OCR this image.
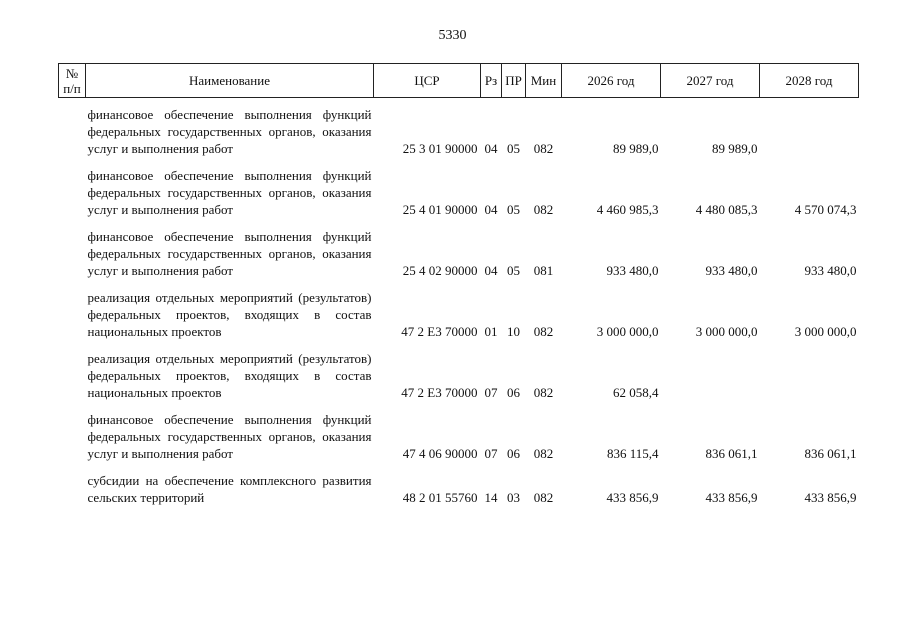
5330
№ п/п	Наименование	ЦСР	Рз	ПР	Мин	2026 год	2027 год	2028 год
	финансовое обеспечение выполнения функций федеральных государственных органов, оказания услуг и выполнения работ	25 3 01 90000	04	05	082	89 989,0	89 989,0	
	финансовое обеспечение выполнения функций федеральных государственных органов, оказания услуг и выполнения работ	25 4 01 90000	04	05	082	4 460 985,3	4 480 085,3	4 570 074,3
	финансовое обеспечение выполнения функций федеральных государственных органов, оказания услуг и выполнения работ	25 4 02 90000	04	05	081	933 480,0	933 480,0	933 480,0
	реализация отдельных мероприятий (результатов) федеральных проектов, входящих в состав национальных проектов	47 2 E3 70000	01	10	082	3 000 000,0	3 000 000,0	3 000 000,0
	реализация отдельных мероприятий (результатов) федеральных проектов, входящих в состав национальных проектов	47 2 E3 70000	07	06	082	62 058,4		
	финансовое обеспечение выполнения функций федеральных государственных органов, оказания услуг и выполнения работ	47 4 06 90000	07	06	082	836 115,4	836 061,1	836 061,1
	субсидии на обеспечение комплексного развития сельских территорий	48 2 01 55760	14	03	082	433 856,9	433 856,9	433 856,9
